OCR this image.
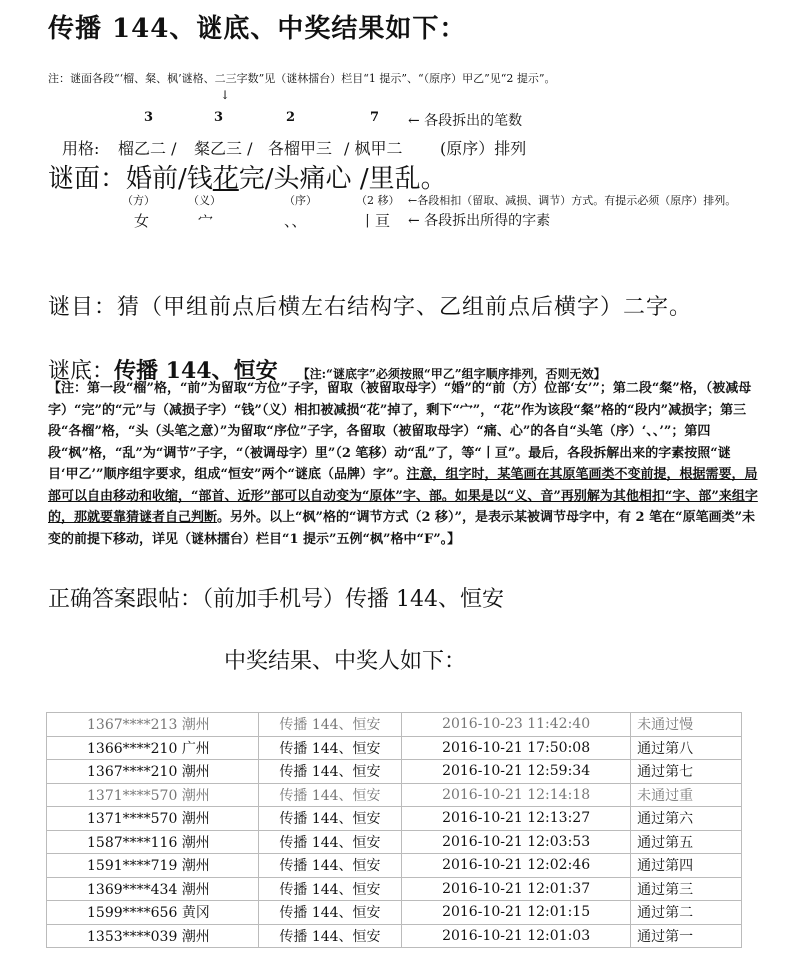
传播 144、谜底、中奖结果如下：
注：谜面各段“‘榴、粲、枫’谜格、二三字数”见（谜林擂台）栏目“1 提示”、“（原序）甲乙”见“2 提示”。
↓
3	3	2	7 ← 各段拆出的笔数
用格: 榴乙二 / 粲乙三 / 各榴甲三 / 枫甲二 (原序）排列
谜面：婚前/钱花完/头痛心 /里乱。
（方）	（义）	（序）	（2 移） ←各段相扣（留取、减损、调节）方式。有提示必须（原序）排列。
女	宀	、、	丨亘 ← 各段拆出所得的字素
谜目：猜（甲组前点后横左右结构字、乙组前点后横字）二字。
谜底：传播 144、恒安 【注:“谜底字”必须按照“甲乙”组字顺序排列，否则无效】
【注：第一段“榴”格，“前”为留取“方位”子字，留取（被留取母字）“婚”的“前（方）位部‘女’”；第二段“粲”格，（被减母字）“完”的“元”与（减损子字）“钱”（义）相扣被减损“花”掉了，剩下“宀”，“花”作为该段“粲”格的“段内”减损字；第三段“各榴”格，“头（头笔之意）”为留取“序位”子字，各留取（被留取母字）“痛、心”的各自“头笔（序）‘、、’”；第四段“枫”格，“乱”为“调节”子字，“（被调母字）里”（2 笔移）动“乱”了，等“丨亘”。最后，各段拆解出来的字素按照“谜目‘甲乙’”顺序组字要求，组成“恒安”两个“谜底（品牌）字”。注意，组字时，某笔画在其原笔画类不变前提，根据需要，局部可以自由移动和收缩，“部首、近形”部可以自动变为“原体”字、部。如果是以“义、音”再别解为其他相扣“字、部”来组字的，那就要靠猜谜者自己判断。另外。以上“枫”格的“调节方式（2 移）”，是表示某被调节母字中，有 2 笔在“原笔画类”未变的前提下移动，详见（谜林擂台）栏目“1 提示”五例“枫”格中“F”。】
正确答案跟帖：（前加手机号）传播 144、恒安
中奖结果、中奖人如下：
1367****213 潮州	传播 144、恒安	2016-10-23 11:42:40	未通过慢
1366****210 广州	传播 144、恒安	2016-10-21 17:50:08	通过第八
1367****210 潮州	传播 144、恒安	2016-10-21 12:59:34	通过第七
1371****570 潮州	传播 144、恒安	2016-10-21 12:14:18	未通过重
1371****570 潮州	传播 144、恒安	2016-10-21 12:13:27	通过第六
1587****116 潮州	传播 144、恒安	2016-10-21 12:03:53	通过第五
1591****719 潮州	传播 144、恒安	2016-10-21 12:02:46	通过第四
1369****434 潮州	传播 144、恒安	2016-10-21 12:01:37	通过第三
1599****656 黄冈	传播 144、恒安	2016-10-21 12:01:15	通过第二
1353****039 潮州	传播 144、恒安	2016-10-21 12:01:03	通过第一
